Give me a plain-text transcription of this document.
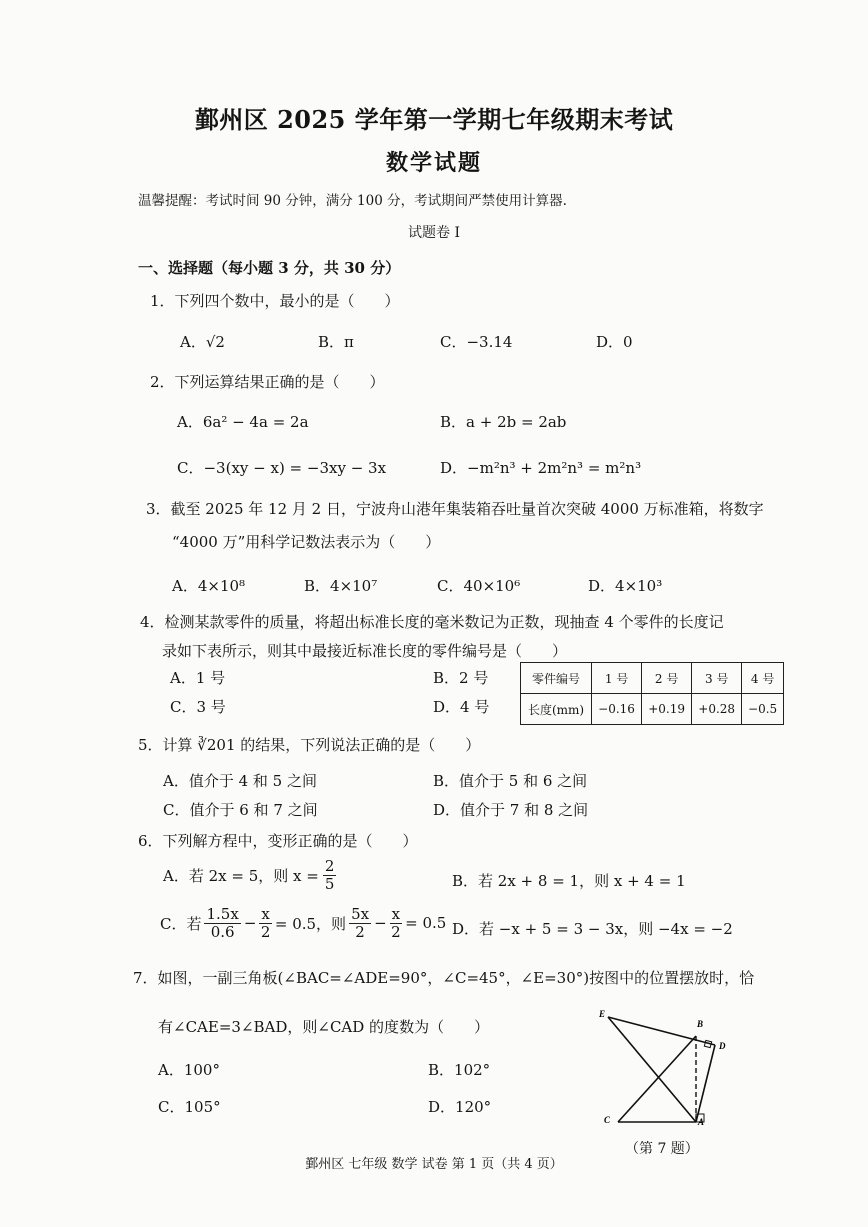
鄞州区 2025 学年第一学期七年级期末考试
数学试题
温馨提醒：考试时间 90 分钟，满分 100 分，考试期间严禁使用计算器.
试题卷 Ⅰ
一、选择题（每小题 3 分，共 30 分）
1．下列四个数中，最小的是（　　）
A．√2	B．π	C．−3.14	D．0
2．下列运算结果正确的是（　　）
A．6a² − 4a = 2a	B．a + 2b = 2ab
C．−3(xy − x) = −3xy − 3x	D．−m²n³ + 2m²n³ = m²n³
3．截至 2025 年 12 月 2 日，宁波舟山港年集装箱吞吐量首次突破 4000 万标准箱，将数字
“4000 万”用科学记数法表示为（　　）
A．4×10⁸	B．4×10⁷	C．40×10⁶	D．4×10³
4．检测某款零件的质量，将超出标准长度的毫米数记为正数，现抽查 4 个零件的长度记
录如下表所示，则其中最接近标准长度的零件编号是（　　）
A．1 号	B．2 号
C．3 号	D．4 号
零件编号	1 号	2 号	3 号	4 号
长度(mm)	−0.16	+0.19	+0.28	−0.5
5．计算 ∛201 的结果，下列说法正确的是（　　）
A．值介于 4 和 5 之间	B．值介于 5 和 6 之间
C．值介于 6 和 7 之间	D．值介于 7 和 8 之间
6．下列解方程中，变形正确的是（　　）
A．若 2x = 5，则 $x = \frac{2}{5}$	B．若 2x + 8 = 1，则 x + 4 = 1
C．若 $\frac{1.5x}{0.6} - \frac{x}{2} = 0.5$，则 $\frac{5x}{2} - \frac{x}{2} = 0.5$ D．若 −x + 5 = 3 − 3x，则 −4x = −2
7．如图，一副三角板(∠BAC=∠ADE=90°，∠C=45°，∠E=30°)按图中的位置摆放时，恰
有∠CAE=3∠BAD，则∠CAD 的度数为（　　）
A．100°	B．102°
C．105°	D．120°
E
B
D
C	A
（第 7 题）
鄞州区 七年级 数学 试卷 第 1 页（共 4 页）
